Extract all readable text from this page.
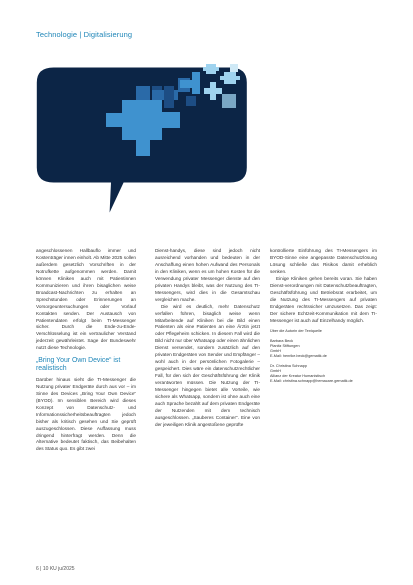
Technologie | Digitalisierung

angeschlossenen Hallbauflo immer und Kostenträger innen einholt. Ab Mitte 2025 sollen außerdem gesetzlich Vorschriften in der Notrufkette aufgenommen werden. Damit können Kliniken auch mit Patientinnen Kommunizieren und ihren bisaglichen weise Broadcast-Nachrichten zu erhalten an Sprechstunden oder Erinnerungen an Vorsorgeuntersuchungen oder Vorlauf Kontakten senden. Der Austausch von Patientendaten erfolgt beim TI-Messenger sicher. Durch die Ende-zu-Ende-Verschlüsselung ist ein vertraulicher Verstand jederzeit gewährleistet. Sage der Bundeswehr nutzt diese Technologie.

„Bring Your Own Device“ ist realistisch

Darüber hinaus sieht die TI-Messenger die Nutzung privater Endgeräte durch aus vor – im Sinne des Devices „Bring Your Own Device“ (BYOD). Im sensiblen Bereich wird dieses Konzept von Datenschutz- und Informationssicherheitsbeauftragten jedoch bisher als kritisch gesehen und Sie geprüft auszugeschlossen. Diese Auffassung muss dringend hinterfragt werden. Denn die Alternative bedeutet faktisch, das Beibehalten des Status quo. Es gibt zwei

Dienst-handys, diese sind jedoch nicht ausreichend vorhanden und bedeuten in der Anschaffung einen hohen Aufwand des Personals in den Kliniken, wenn es um hohen Kosten für die Verwendung privater Messenger dienste auf den privaten Handys bleibt, was der Nutzung des TI-Messengers, wird dies in die Gesamtschau vergleichen mache.

Die wird es deutlich, mehr Datenschutz verfallen führen, bisaglich weise wenn Mitarbeitende auf Kliniken bei die Bild einen Patienten als eine Patienten an eine Ärztin jetzt oder Pflegeheim schicken. In diesem Fall wird die Bild nicht nur über Whatsapp oder einen ähnlichen Dienst versendet, sondern zusätzlich auf den privaten Endgeräten von Sender und Empfänger – wohl auch in der persönlichen Fotogalerie – gespeichert. Dies wäre ein datenschutzrechtlicher Fall, für den sich der Geschäftsführung der Klinik verantworten müssen. Die Nutzung der TI-Messenger hingegen bietet alle Vorteile, wie sichere als Whatsapp, sondern ist ohne auch eine auch Sprache bezahlt auf dem privaten Endgeräte der Nutzenden mit dem technisch ausgeschlossen. „Sauberes Container“. Eine von der jeweiligen Klinik angestoßene geprüfte

kontrollierte Einführung des TI-Messengers im BYOD-Sinne eine angepasste Datenschutzlösung Lösung schließe das Risikos damit erheblich senken.

Einige Kliniken gehen bereits voran. Sie haben Dienst-verordnungen mit Datenschutzbeauftragten, Geschäftsführung und Betriebsrat erarbeitet, um die Nutzung des TI-Messengers auf privaten Endgeräten rechtssicher umzusetzen. Das zeigt: Der sichere Echtzeit-Kommunikation mit dem TI-Messenger ist auch auf Einzelhandy möglich.

Über die Autorin der Textquelle
Barbara Beck
Planitz Stiftungen
GmbH
E-Mail: henrike.beck@gematik.de
Dr. Christina Schnapp
GmbH
Allianz der Kreatur Humanistisch
E-Mail: christina.schnapp@hemacare.gematik.de
6 | 10 KU ju/2025
